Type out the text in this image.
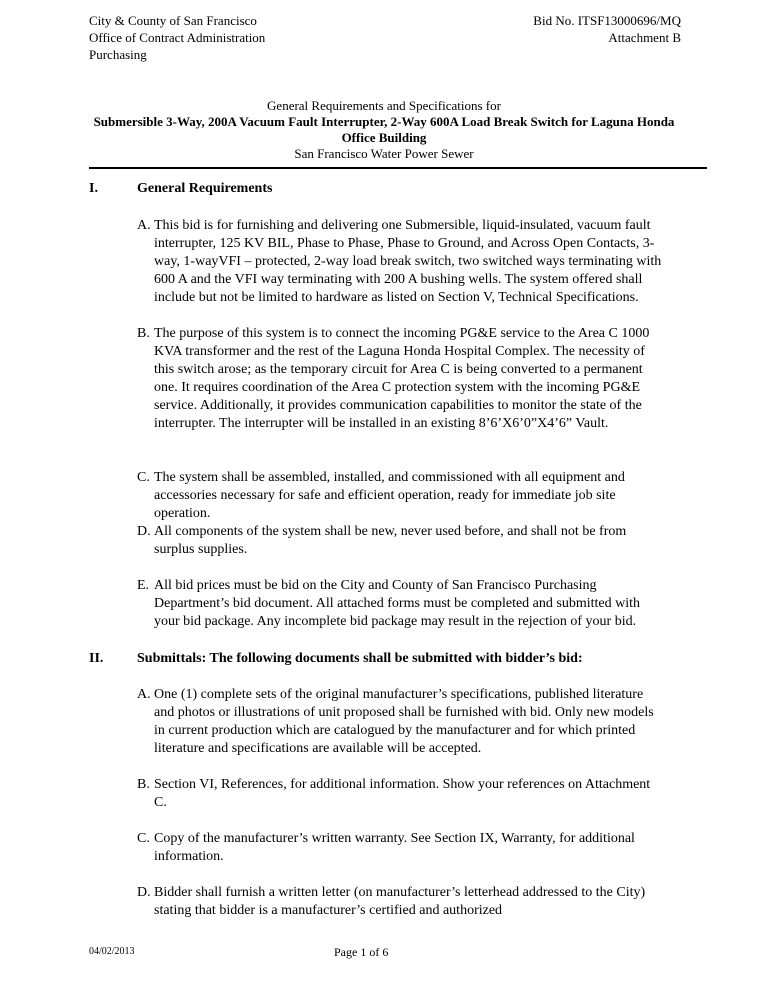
City & County of San Francisco
Office of Contract Administration
Purchasing
Bid No. ITSF13000696/MQ
Attachment B
General Requirements and Specifications for
Submersible 3-Way, 200A Vacuum Fault Interrupter, 2-Way 600A Load Break Switch for Laguna Honda
Office Building
San Francisco Water Power Sewer
I.	General Requirements
A. This bid is for furnishing and delivering one Submersible, liquid-insulated, vacuum fault
interrupter, 125 KV BIL, Phase to Phase, Phase to Ground, and Across Open Contacts, 3-
way, 1-wayVFI – protected, 2-way load break switch, two switched ways terminating with
600 A and the VFI way terminating with 200 A bushing wells. The system offered shall
include but not be limited to hardware as listed on Section V, Technical Specifications.
B. The purpose of this system is to connect the incoming PG&E service to the Area C 1000
KVA transformer and the rest of the Laguna Honda Hospital Complex. The necessity of
this switch arose; as the temporary circuit for Area C is being converted to a permanent
one. It requires coordination of the Area C protection system with the incoming PG&E
service. Additionally, it provides communication capabilities to monitor the state of the
interrupter. The interrupter will be installed in an existing 8’6’X6’0”X4’6” Vault.
C. The system shall be assembled, installed, and commissioned with all equipment and
accessories necessary for safe and efficient operation, ready for immediate job site
operation.
D. All components of the system shall be new, never used before, and shall not be from
surplus supplies.
E. All bid prices must be bid on the City and County of San Francisco Purchasing
Department’s bid document. All attached forms must be completed and submitted with
your bid package. Any incomplete bid package may result in the rejection of your bid.
II. Submittals: The following documents shall be submitted with bidder’s bid:
A. One (1) complete sets of the original manufacturer’s specifications, published literature
and photos or illustrations of unit proposed shall be furnished with bid. Only new models
in current production which are catalogued by the manufacturer and for which printed
literature and specifications are available will be accepted.
B. Section VI, References, for additional information. Show your references on Attachment
C.
C. Copy of the manufacturer’s written warranty. See Section IX, Warranty, for additional
information.
D. Bidder shall furnish a written letter (on manufacturer’s letterhead addressed to the City)
stating that bidder is a manufacturer’s certified and authorized
04/02/2013	Page 1 of 6
